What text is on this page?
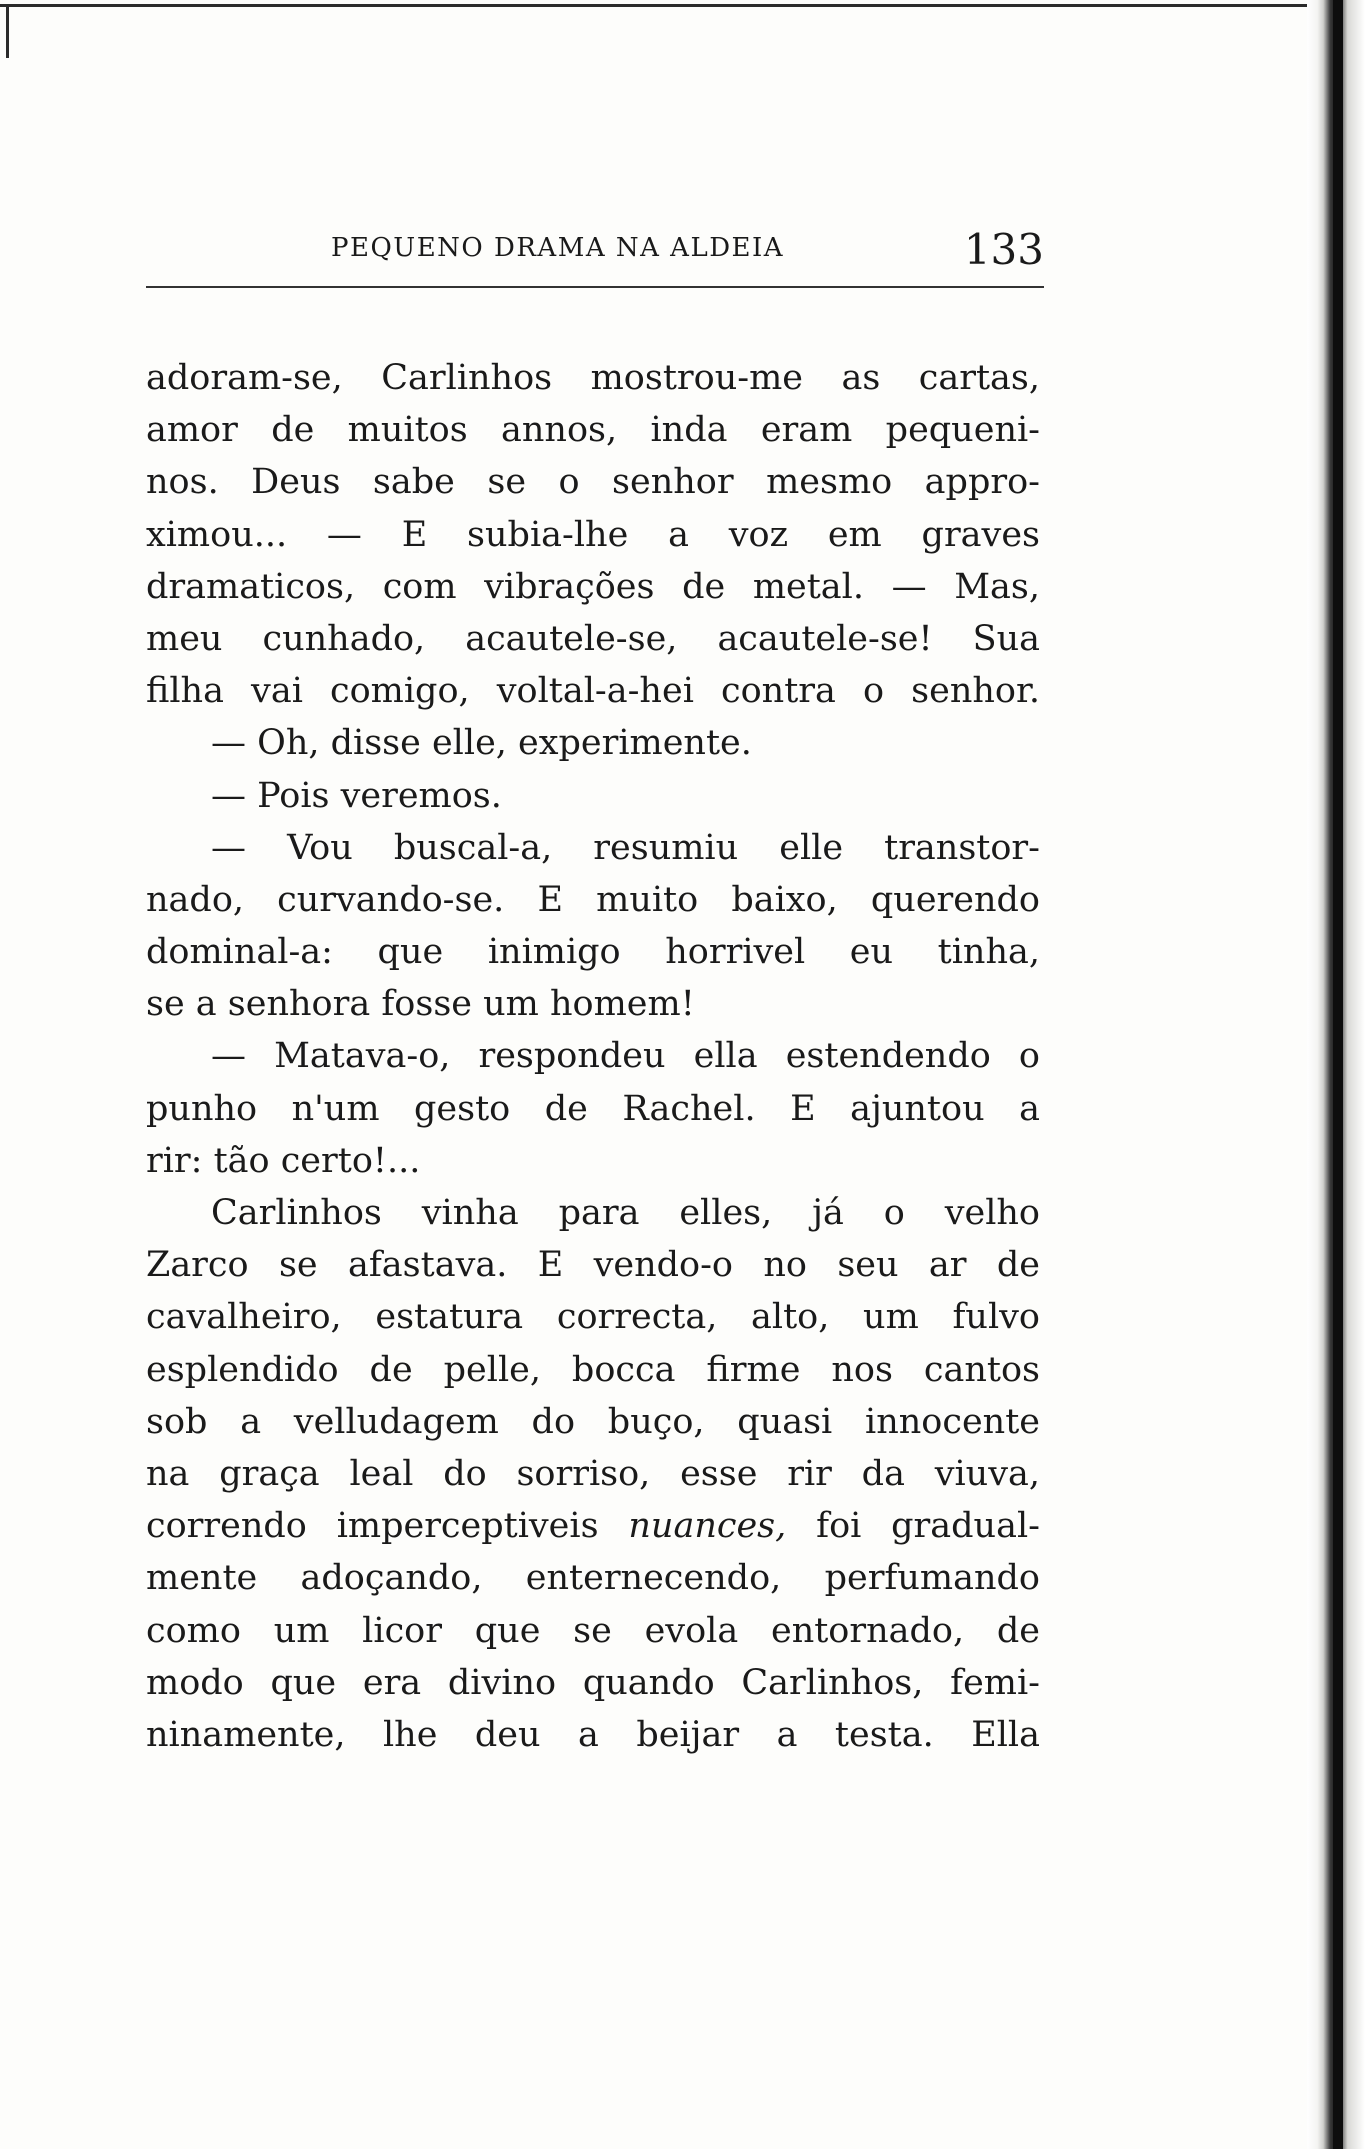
PEQUENO DRAMA NA ALDEIA	133
adoram-se, Carlinhos mostrou-me as cartas,
amor de muitos annos, inda eram pequeni-
nos. Deus sabe se o senhor mesmo appro-
ximou... — E subia-lhe a voz em graves
dramaticos, com vibrações de metal. — Mas,
meu cunhado, acautele-se, acautele-se! Sua
filha vai comigo, voltal-a-hei contra o senhor.
— Oh, disse elle, experimente.
— Pois veremos.
— Vou buscal-a, resumiu elle transtor-
nado, curvando-se. E muito baixo, querendo
dominal-a: que inimigo horrivel eu tinha,
se a senhora fosse um homem!
— Matava-o, respondeu ella estendendo o
punho n'um gesto de Rachel. E ajuntou a
rir: tão certo!...
Carlinhos vinha para elles, já o velho
Zarco se afastava. E vendo-o no seu ar de
cavalheiro, estatura correcta, alto, um fulvo
esplendido de pelle, bocca firme nos cantos
sob a velludagem do buço, quasi innocente
na graça leal do sorriso, esse rir da viuva,
correndo imperceptiveis nuances, foi gradual-
mente adoçando, enternecendo, perfumando
como um licor que se evola entornado, de
modo que era divino quando Carlinhos, femi-
ninamente, lhe deu a beijar a testa. Ella
